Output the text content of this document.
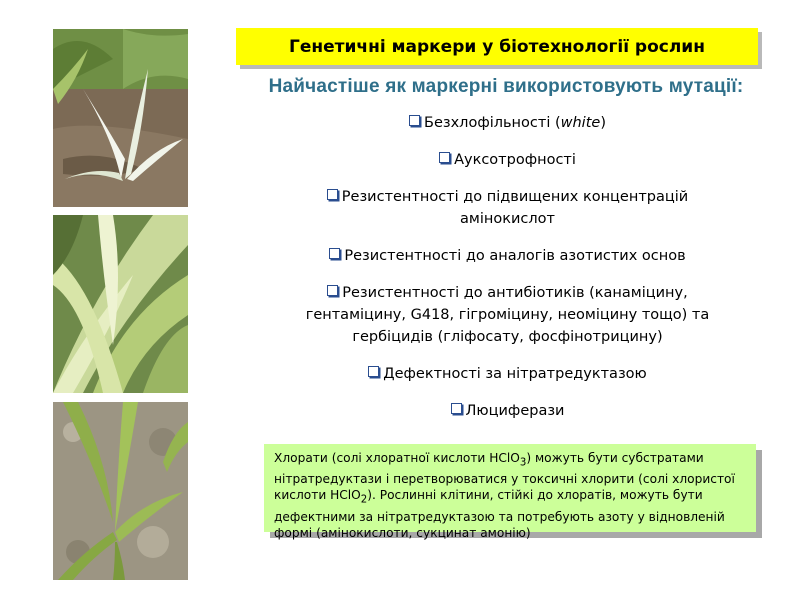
Генетичні маркери у біотехнології рослин
Найчастіше як маркерні використовують мутації:
Безхлофільності (white)
Ауксотрофності
Резистентності до підвищених концентрацій амінокислот
Резистентності до аналогів азотистих основ
Резистентності до антибіотиків (канаміцину, гентаміцину, G418, гігроміцину, неоміцину тощо) та гербіцидів (гліфосату, фосфінотрицину)
Дефектності за нітратредуктазою
Люциферази

Хлорати (солі хлоратної кислоти HClO$_3$) можуть бути субстратами нітратредуктази і перетворюватися у токсичні хлорити (солі хлористої кислоти HClO$_2$). Рослинні клітини, стійкі до хлоратів, можуть бути дефектними за нітратредуктазою та потребують азоту у відновленій формі (амінокислоти, сукцинат амонію)
